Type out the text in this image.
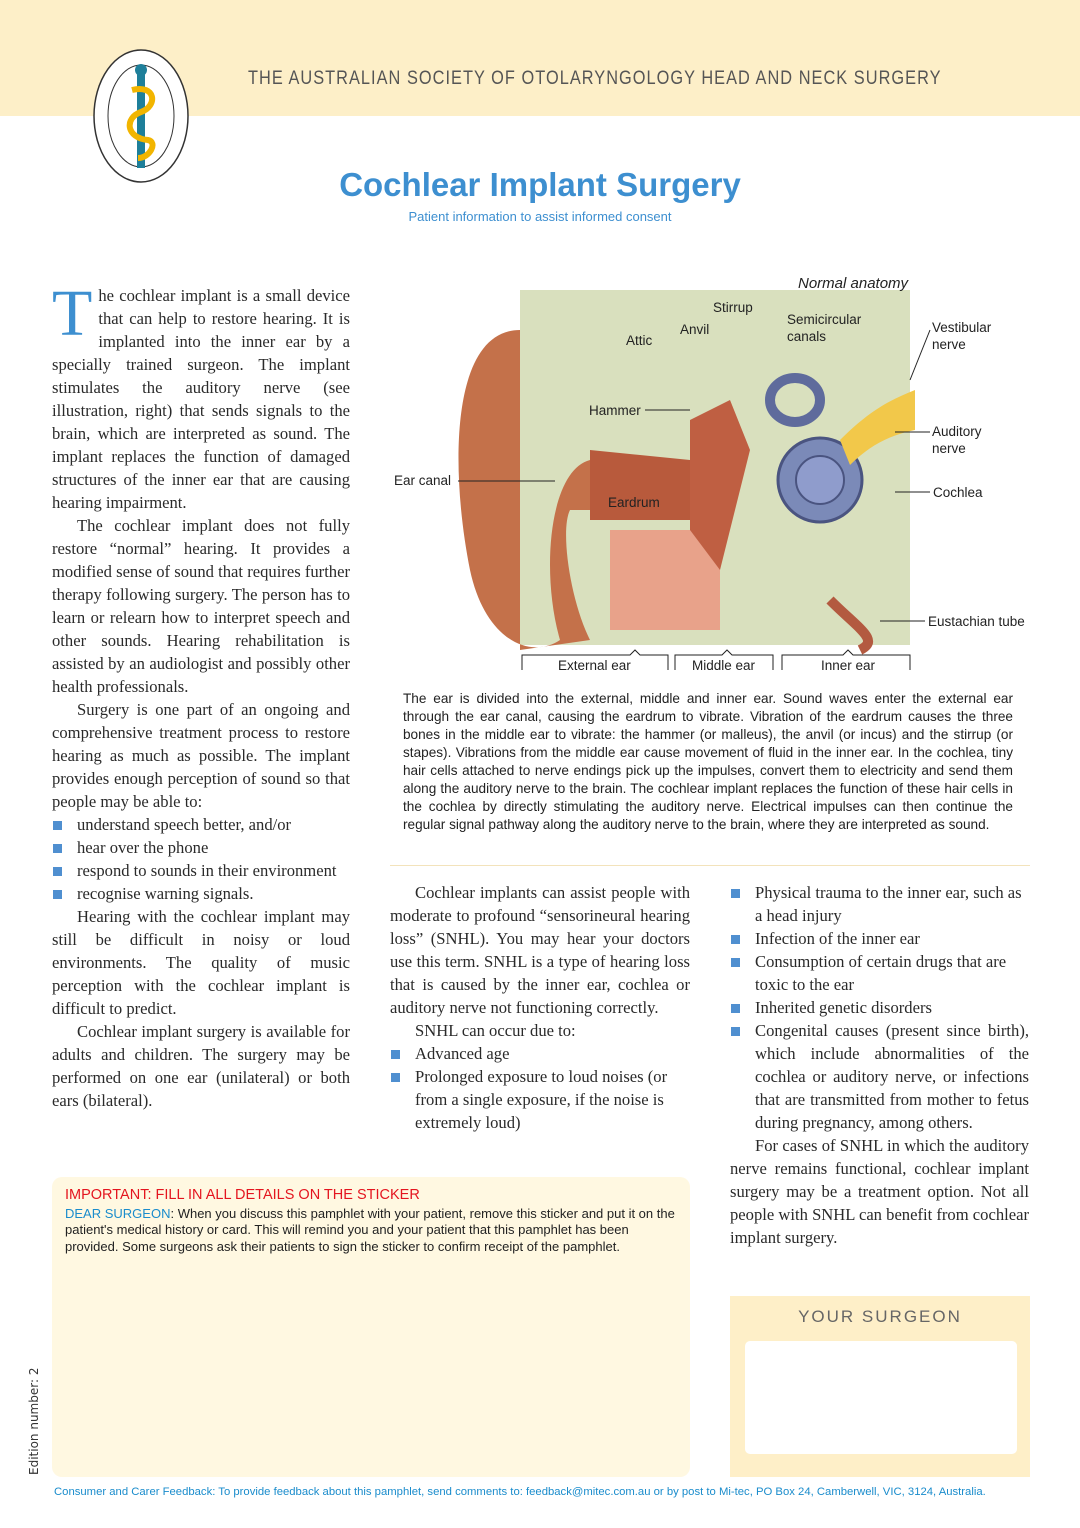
THE AUSTRALIAN SOCIETY OF OTOLARYNGOLOGY HEAD AND NECK SURGERY
Cochlear Implant Surgery
Patient information to assist informed consent

The cochlear implant is a small device that can help to restore hearing. It is implanted into the inner ear by a specially trained surgeon. The implant stimulates the auditory nerve (see illustration, right) that sends signals to the brain, which are interpreted as sound. The implant replaces the function of damaged structures of the inner ear that are causing hearing impairment.

The cochlear implant does not fully restore “normal” hearing. It provides a modified sense of sound that requires further therapy following surgery. The person has to learn or relearn how to interpret speech and other sounds. Hearing rehabilitation is assisted by an audiologist and possibly other health professionals.

Surgery is one part of an ongoing and comprehensive treatment process to restore hearing as much as possible. The implant provides enough perception of sound so that people may be able to:

understand speech better, and/or
hear over the phone
respond to sounds in their environment
recognise warning signals.

Hearing with the cochlear implant may still be difficult in noisy or loud environments. The quality of music perception with the cochlear implant is difficult to predict.

Cochlear implant surgery is available for adults and children. The surgery may be performed on one ear (unilateral) or both ears (bilateral).

Normal anatomy
Stirrup
Anvil
Attic
Semicircular
canals
Vestibular
nerve
Hammer
Auditory
nerve
Ear canal
Cochlea
Eardrum
Eustachian tube
External ear	Middle ear	Inner ear
The ear is divided into the external, middle and inner ear. Sound waves enter the external ear through the ear canal, causing the eardrum to vibrate. Vibration of the eardrum causes the three bones in the middle ear to vibrate: the hammer (or malleus), the anvil (or incus) and the stirrup (or stapes). Vibrations from the middle ear cause movement of fluid in the inner ear. In the cochlea, tiny hair cells attached to nerve endings pick up the impulses, convert them to electricity and send them along the auditory nerve to the brain. The cochlear implant replaces the function of these hair cells in the cochlea by directly stimulating the auditory nerve. Electrical impulses can then continue the regular signal pathway along the auditory nerve to the brain, where they are interpreted as sound.

Cochlear implants can assist people with moderate to profound “sensorineural hearing loss” (SNHL). You may hear your doctors use this term. SNHL is a type of hearing loss that is caused by the inner ear, cochlea or auditory nerve not functioning correctly.

SNHL can occur due to:

Advanced age
Prolonged exposure to loud noises (or from a single exposure, if the noise is extremely loud)
Physical trauma to the inner ear, such as a head injury
Infection of the inner ear
Consumption of certain drugs that are toxic to the ear
Inherited genetic disorders
Congenital causes (present since birth), which include abnormalities of the cochlea or auditory nerve, or infections that are transmitted from mother to fetus during pregnancy, among others.

For cases of SNHL in which the auditory nerve remains functional, cochlear implant surgery may be a treatment option. Not all people with SNHL can benefit from cochlear implant surgery.

IMPORTANT: FILL IN ALL DETAILS ON THE STICKER
DEAR SURGEON: When you discuss this pamphlet with your patient, remove this sticker and put it on the patient's medical history or card. This will remind you and your patient that this pamphlet has been provided. Some surgeons ask their patients to sign the sticker to confirm receipt of the pamphlet.
YOUR SURGEON
Edition number: 2
Consumer and Carer Feedback: To provide feedback about this pamphlet, send comments to: feedback@mitec.com.au or by post to Mi-tec, PO Box 24, Camberwell, VIC, 3124, Australia.
